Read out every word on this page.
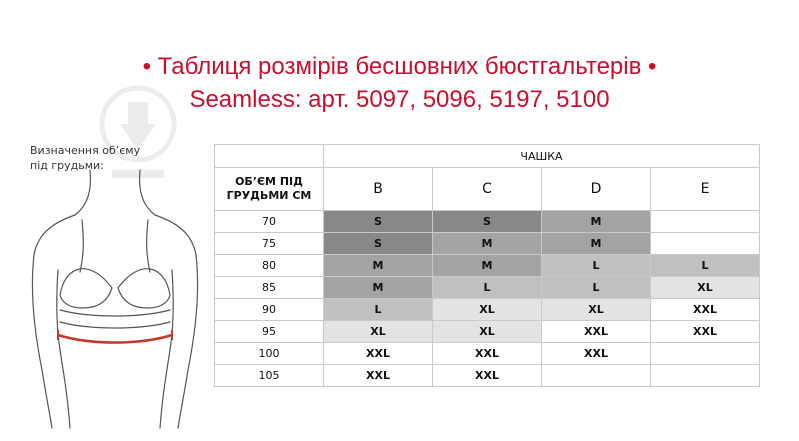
• Таблиця розмірів бесшовних бюстгальтерів •
Seamless: арт. 5097, 5096, 5197, 5100
Визначення об’єму під грудьми:
	ЧАШКА			
ОБ’ЄМ ПІД ГРУДЬМИ СМ	B	C	D	E
70	S	S	M	
75	S	M	M	
80	M	M	L	L
85	M	L	L	XL
90	L	XL	XL	XXL
95	XL	XL	XXL	XXL
100	XXL	XXL	XXL	
105	XXL	XXL		
